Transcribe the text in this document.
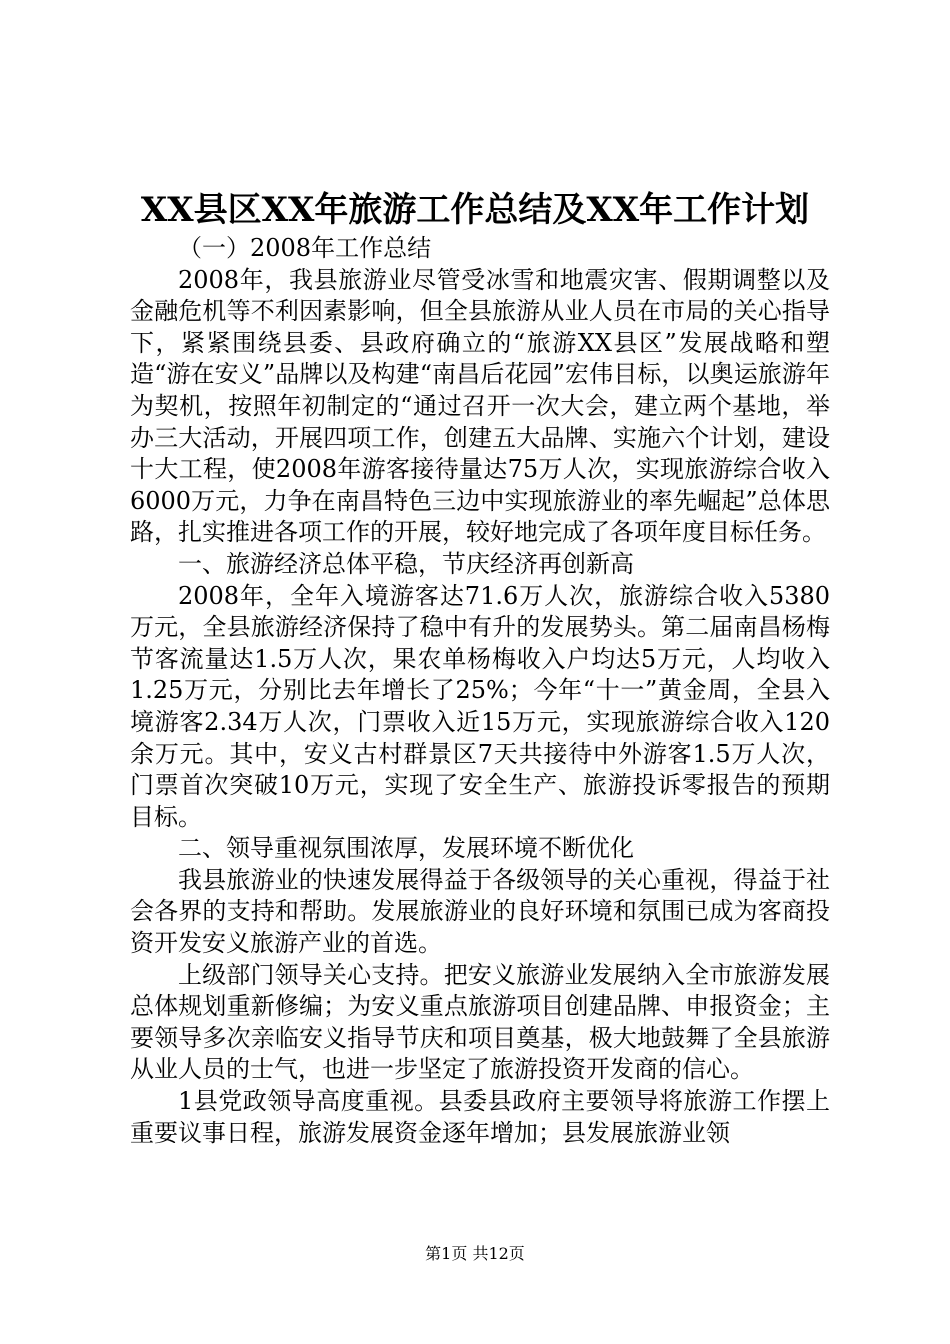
XX县区XX年旅游工作总结及XX年工作计划

（一）2008年工作总结

2008年，我县旅游业尽管受冰雪和地震灾害、假期调整以及金融危机等不利因素影响，但全县旅游从业人员在市局的关心指导下，紧紧围绕县委、县政府确立的“旅游XX县区”发展战略和塑造“游在安义”品牌以及构建“南昌后花园”宏伟目标，以奥运旅游年为契机，按照年初制定的“通过召开一次大会，建立两个基地，举办三大活动，开展四项工作，创建五大品牌、实施六个计划，建设十大工程，使2008年游客接待量达75万人次，实现旅游综合收入6000万元，力争在南昌特色三边中实现旅游业的率先崛起”总体思路，扎实推进各项工作的开展，较好地完成了各项年度目标任务。

一、旅游经济总体平稳，节庆经济再创新高

2008年，全年入境游客达71.6万人次，旅游综合收入5380万元，全县旅游经济保持了稳中有升的发展势头。第二届南昌杨梅节客流量达1.5万人次，果农单杨梅收入户均达5万元，人均收入1.25万元，分别比去年增长了25%；今年“十一”黄金周，全县入境游客2.34万人次，门票收入近15万元，实现旅游综合收入120余万元。其中，安义古村群景区7天共接待中外游客1.5万人次，门票首次突破10万元，实现了安全生产、旅游投诉零报告的预期目标。

二、领导重视氛围浓厚，发展环境不断优化

我县旅游业的快速发展得益于各级领导的关心重视，得益于社会各界的支持和帮助。发展旅游业的良好环境和氛围已成为客商投资开发安义旅游产业的首选。

上级部门领导关心支持。把安义旅游业发展纳入全市旅游发展总体规划重新修编；为安义重点旅游项目创建品牌、申报资金；主要领导多次亲临安义指导节庆和项目奠基，极大地鼓舞了全县旅游从业人员的士气，也进一步坚定了旅游投资开发商的信心。

1县党政领导高度重视。县委县政府主要领导将旅游工作摆上重要议事日程，旅游发展资金逐年增加；县发展旅游业领

第1页 共12页
